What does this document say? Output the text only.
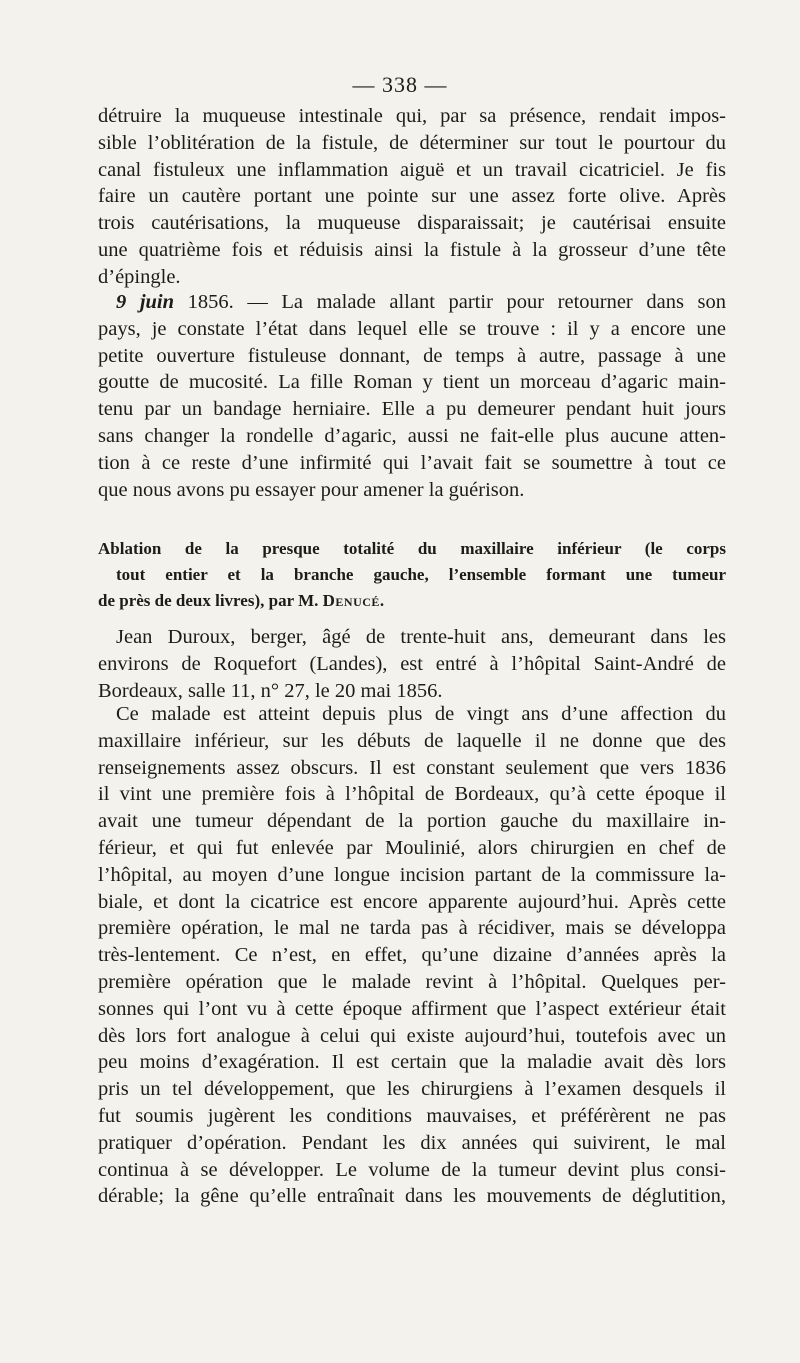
— 338 —
détruire la muqueuse intestinale qui, par sa présence, rendait impos-
sible l’oblitération de la fistule, de déterminer sur tout le pourtour du
canal fistuleux une inflammation aiguë et un travail cicatriciel. Je fis
faire un cautère portant une pointe sur une assez forte olive. Après
trois cautérisations, la muqueuse disparaissait; je cautérisai ensuite
une quatrième fois et réduisis ainsi la fistule à la grosseur d’une tête
d’épingle.
9 juin 1856. — La malade allant partir pour retourner dans son
pays, je constate l’état dans lequel elle se trouve : il y a encore une
petite ouverture fistuleuse donnant, de temps à autre, passage à une
goutte de mucosité. La fille Roman y tient un morceau d’agaric main-
tenu par un bandage herniaire. Elle a pu demeurer pendant huit jours
sans changer la rondelle d’agaric, aussi ne fait-elle plus aucune atten-
tion à ce reste d’une infirmité qui l’avait fait se soumettre à tout ce
que nous avons pu essayer pour amener la guérison.
Ablation de la presque totalité du maxillaire inférieur (le corps
tout entier et la branche gauche, l’ensemble formant une tumeur
de près de deux livres), par M. Denucé.
Jean Duroux, berger, âgé de trente-huit ans, demeurant dans les
environs de Roquefort (Landes), est entré à l’hôpital Saint-André de
Bordeaux, salle 11, n° 27, le 20 mai 1856.
Ce malade est atteint depuis plus de vingt ans d’une affection du
maxillaire inférieur, sur les débuts de laquelle il ne donne que des
renseignements assez obscurs. Il est constant seulement que vers 1836
il vint une première fois à l’hôpital de Bordeaux, qu’à cette époque il
avait une tumeur dépendant de la portion gauche du maxillaire in-
férieur, et qui fut enlevée par Moulinié, alors chirurgien en chef de
l’hôpital, au moyen d’une longue incision partant de la commissure la-
biale, et dont la cicatrice est encore apparente aujourd’hui. Après cette
première opération, le mal ne tarda pas à récidiver, mais se développa
très-lentement. Ce n’est, en effet, qu’une dizaine d’années après la
première opération que le malade revint à l’hôpital. Quelques per-
sonnes qui l’ont vu à cette époque affirment que l’aspect extérieur était
dès lors fort analogue à celui qui existe aujourd’hui, toutefois avec un
peu moins d’exagération. Il est certain que la maladie avait dès lors
pris un tel développement, que les chirurgiens à l’examen desquels il
fut soumis jugèrent les conditions mauvaises, et préférèrent ne pas
pratiquer d’opération. Pendant les dix années qui suivirent, le mal
continua à se développer. Le volume de la tumeur devint plus consi-
dérable; la gêne qu’elle entraînait dans les mouvements de déglutition,
